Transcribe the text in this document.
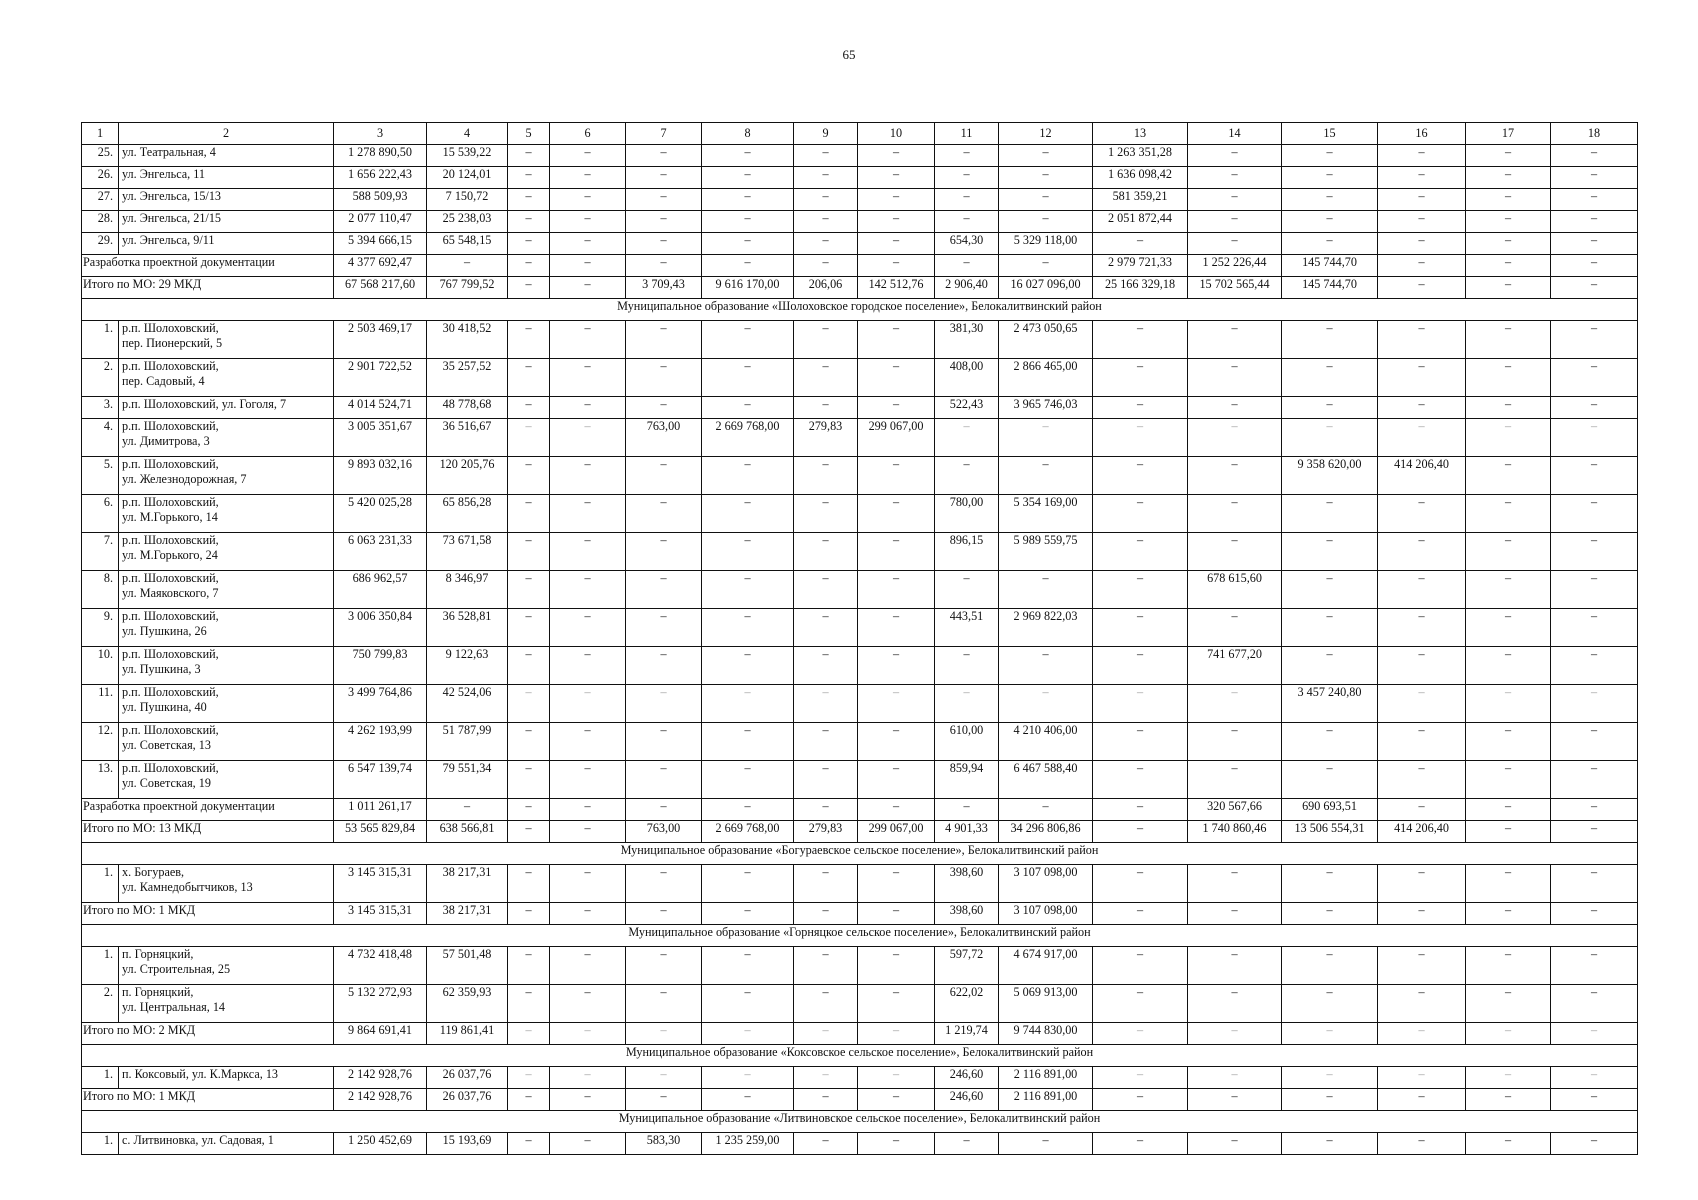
65
1	2	3	4	5	6	7	8	9	10	11	12	13	14	15	16	17	18
25.	ул. Театральная, 4	1 278 890,50	15 539,22	–	–	–	–	–	–	–	–	1 263 351,28	–	–	–	–	–
26.	ул. Энгельса, 11	1 656 222,43	20 124,01	–	–	–	–	–	–	–	–	1 636 098,42	–	–	–	–	–
27.	ул. Энгельса, 15/13	588 509,93	7 150,72	–	–	–	–	–	–	–	–	581 359,21	–	–	–	–	–
28.	ул. Энгельса, 21/15	2 077 110,47	25 238,03	–	–	–	–	–	–	–	–	2 051 872,44	–	–	–	–	–
29.	ул. Энгельса, 9/11	5 394 666,15	65 548,15	–	–	–	–	–	–	654,30	5 329 118,00	–	–	–	–	–	–
Разработка проектной документации		4 377 692,47	–	–	–	–	–	–	–	–	–	2 979 721,33	1 252 226,44	145 744,70	–	–	–
Итого по МО: 29 МКД		67 568 217,60	767 799,52	–	–	3 709,43	9 616 170,00	206,06	142 512,76	2 906,40	16 027 096,00	25 166 329,18	15 702 565,44	145 744,70	–	–	–
Муниципальное образование «Шолоховское городское поселение», Белокалитвинский район																	
1.	р.п. Шолоховский,
пер. Пионерский, 5	2 503 469,17	30 418,52	–	–	–	–	–	–	381,30	2 473 050,65	–	–	–	–	–	–
2.	р.п. Шолоховский,
пер. Садовый, 4	2 901 722,52	35 257,52	–	–	–	–	–	–	408,00	2 866 465,00	–	–	–	–	–	–
3.	р.п. Шолоховский, ул. Гоголя, 7	4 014 524,71	48 778,68	–	–	–	–	–	–	522,43	3 965 746,03	–	–	–	–	–	–
4.	р.п. Шолоховский,
ул. Димитрова, 3	3 005 351,67	36 516,67	–	–	763,00	2 669 768,00	279,83	299 067,00	–	–	–	–	–	–	–	–
5.	р.п. Шолоховский,
ул. Железнодорожная, 7	9 893 032,16	120 205,76	–	–	–	–	–	–	–	–	–	–	9 358 620,00	414 206,40	–	–
6.	р.п. Шолоховский,
ул. М.Горького, 14	5 420 025,28	65 856,28	–	–	–	–	–	–	780,00	5 354 169,00	–	–	–	–	–	–
7.	р.п. Шолоховский,
ул. М.Горького, 24	6 063 231,33	73 671,58	–	–	–	–	–	–	896,15	5 989 559,75	–	–	–	–	–	–
8.	р.п. Шолоховский,
ул. Маяковского, 7	686 962,57	8 346,97	–	–	–	–	–	–	–	–	–	678 615,60	–	–	–	–
9.	р.п. Шолоховский,
ул. Пушкина, 26	3 006 350,84	36 528,81	–	–	–	–	–	–	443,51	2 969 822,03	–	–	–	–	–	–
10.	р.п. Шолоховский,
ул. Пушкина, 3	750 799,83	9 122,63	–	–	–	–	–	–	–	–	–	741 677,20	–	–	–	–
11.	р.п. Шолоховский,
ул. Пушкина, 40	3 499 764,86	42 524,06	–	–	–	–	–	–	–	–	–	–	3 457 240,80	–	–	–
12.	р.п. Шолоховский,
ул. Советская, 13	4 262 193,99	51 787,99	–	–	–	–	–	–	610,00	4 210 406,00	–	–	–	–	–	–
13.	р.п. Шолоховский,
ул. Советская, 19	6 547 139,74	79 551,34	–	–	–	–	–	–	859,94	6 467 588,40	–	–	–	–	–	–
Разработка проектной документации		1 011 261,17	–	–	–	–	–	–	–	–	–	–	320 567,66	690 693,51	–	–	–
Итого по МО: 13 МКД		53 565 829,84	638 566,81	–	–	763,00	2 669 768,00	279,83	299 067,00	4 901,33	34 296 806,86	–	1 740 860,46	13 506 554,31	414 206,40	–	–
Муниципальное образование «Богураевское сельское поселение», Белокалитвинский район																	
1.	х. Богураев,
ул. Камнедобытчиков, 13	3 145 315,31	38 217,31	–	–	–	–	–	–	398,60	3 107 098,00	–	–	–	–	–	–
Итого по МО: 1 МКД		3 145 315,31	38 217,31	–	–	–	–	–	–	398,60	3 107 098,00	–	–	–	–	–	–
Муниципальное образование «Горняцкое сельское поселение», Белокалитвинский район																	
1.	п. Горняцкий,
ул. Строительная, 25	4 732 418,48	57 501,48	–	–	–	–	–	–	597,72	4 674 917,00	–	–	–	–	–	–
2.	п. Горняцкий,
ул. Центральная, 14	5 132 272,93	62 359,93	–	–	–	–	–	–	622,02	5 069 913,00	–	–	–	–	–	–
Итого по МО: 2 МКД		9 864 691,41	119 861,41	–	–	–	–	–	–	1 219,74	9 744 830,00	–	–	–	–	–	–
Муниципальное образование «Коксовское сельское поселение», Белокалитвинский район																	
1.	п. Коксовый, ул. К.Маркса, 13	2 142 928,76	26 037,76	–	–	–	–	–	–	246,60	2 116 891,00	–	–	–	–	–	–
Итого по МО: 1 МКД		2 142 928,76	26 037,76	–	–	–	–	–	–	246,60	2 116 891,00	–	–	–	–	–	–
Муниципальное образование «Литвиновское сельское поселение», Белокалитвинский район																	
1.	с. Литвиновка, ул. Садовая, 1	1 250 452,69	15 193,69	–	–	583,30	1 235 259,00	–	–	–	–	–	–	–	–	–	–
